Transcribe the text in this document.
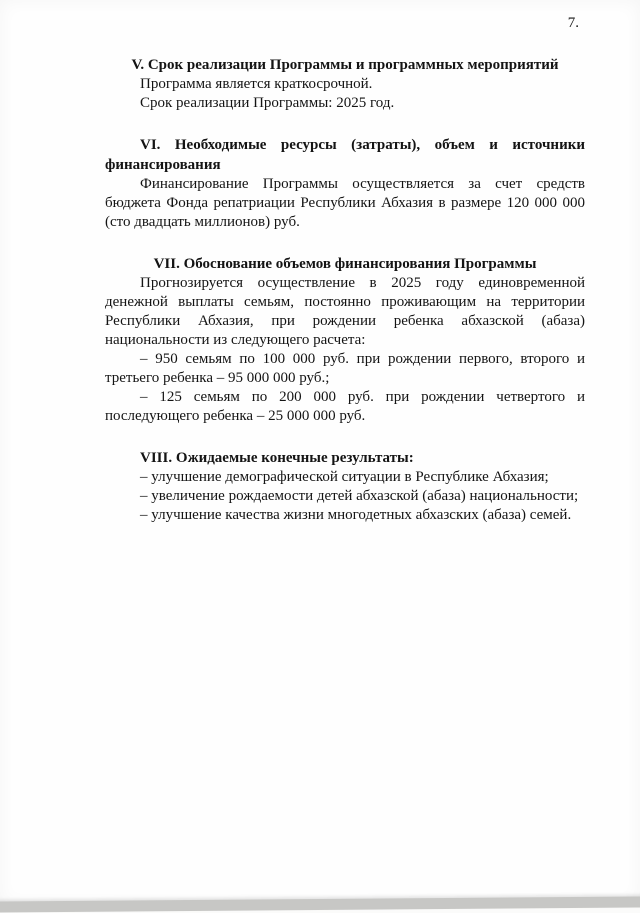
7.
V. Срок реализации Программы и программных мероприятий

Программа является краткосрочной.

Срок реализации Программы: 2025 год.

VI. Необходимые ресурсы (затраты), объем и источники финансирования

Финансирование Программы осуществляется за счет средств бюджета Фонда репатриации Республики Абхазия в размере 120 000 000 (сто двадцать миллионов) руб.

VII. Обоснование объемов финансирования Программы

Прогнозируется осуществление в 2025 году единовременной денежной выплаты семьям, постоянно проживающим на территории Республики Абхазия, при рождении ребенка абхазской (абаза) национальности из следующего расчета:

– 950 семьям по 100 000 руб. при рождении первого, второго и третьего ребенка – 95 000 000 руб.;

– 125 семьям по 200 000 руб. при рождении четвертого и последующего ребенка – 25 000 000 руб.

VIII. Ожидаемые конечные результаты:

– улучшение демографической ситуации в Республике Абхазия;

– увеличение рождаемости детей абхазской (абаза) национальности;

– улучшение качества жизни многодетных абхазских (абаза) семей.
